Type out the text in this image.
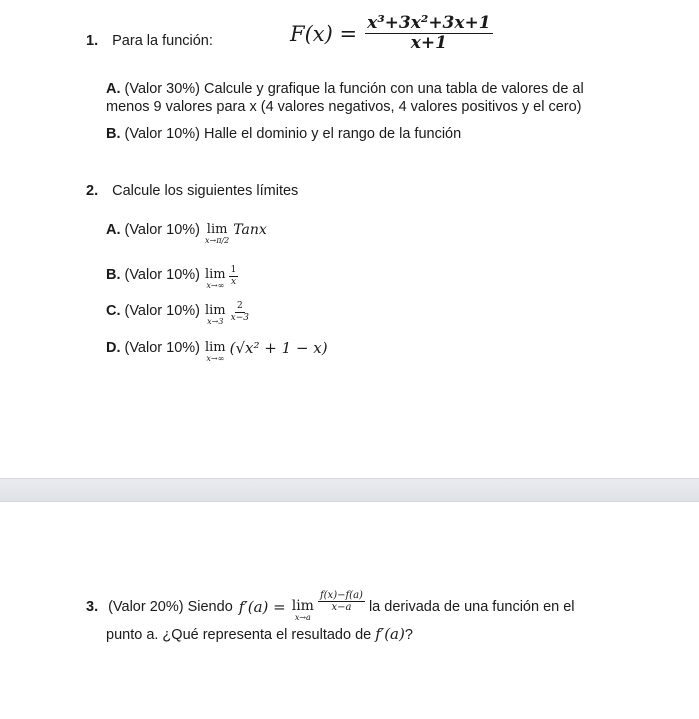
1. Para la función:	$F(x) = \frac{\text{x³+3x²+3x+1}}{x+1}$
A. (Valor 30%) Calcule y grafique la función con una tabla de valores de al
menos 9 valores para x (4 valores negativos, 4 valores positivos y el cero)
B. (Valor 10%) Halle el dominio y el rango de la función
2. Calcule los siguientes límites
A. (Valor 10%) lim
x→π/2
Tanx
B. (Valor 10%) lim
$x\to\infty \frac{1}{x}$
C. (Valor 10%) lim
$x\to 3 \frac{2}{x-3}$
D. (Valor 10%) lim
x→∞
(√x² + 1 − x)
3. (Valor 20%) Siendo f′(a) = lim
x→a
$\frac{f(x)-f(a)}{x-a}$ la derivada de una función en el
punto a. ¿Qué representa el resultado de f′(a)?
